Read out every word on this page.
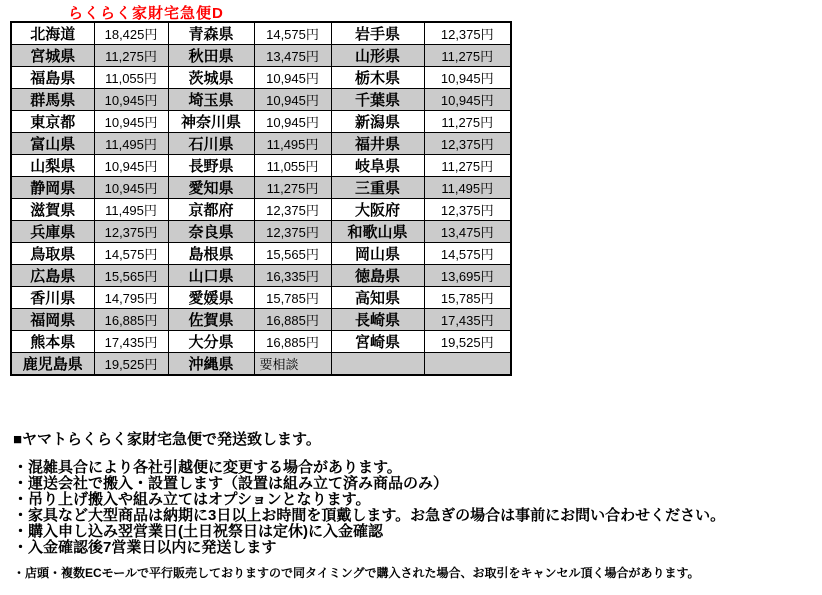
らくらく家財宅急便D
北海道	18,425円	青森県	14,575円	岩手県	12,375円
宮城県	11,275円	秋田県	13,475円	山形県	11,275円
福島県	11,055円	茨城県	10,945円	栃木県	10,945円
群馬県	10,945円	埼玉県	10,945円	千葉県	10,945円
東京都	10,945円	神奈川県	10,945円	新潟県	11,275円
富山県	11,495円	石川県	11,495円	福井県	12,375円
山梨県	10,945円	長野県	11,055円	岐阜県	11,275円
静岡県	10,945円	愛知県	11,275円	三重県	11,495円
滋賀県	11,495円	京都府	12,375円	大阪府	12,375円
兵庫県	12,375円	奈良県	12,375円	和歌山県	13,475円
鳥取県	14,575円	島根県	15,565円	岡山県	14,575円
広島県	15,565円	山口県	16,335円	徳島県	13,695円
香川県	14,795円	愛媛県	15,785円	高知県	15,785円
福岡県	16,885円	佐賀県	16,885円	長崎県	17,435円
熊本県	17,435円	大分県	16,885円	宮崎県	19,525円
鹿児島県	19,525円	沖縄県	要相談		
■ヤマトらくらく家財宅急便で発送致します。
・混雑具合により各社引越便に変更する場合があります。
・運送会社で搬入・設置します（設置は組み立て済み商品のみ）
・吊り上げ搬入や組み立てはオプションとなります。
・家具など大型商品は納期に3日以上お時間を頂戴します。お急ぎの場合は事前にお問い合わせください。
・購入申し込み翌営業日(土日祝祭日は定休)に入金確認
・入金確認後7営業日以内に発送します
・店頭・複数ECモールで平行販売しておりますので同タイミングで購入された場合、お取引をキャンセル頂く場合があります。
